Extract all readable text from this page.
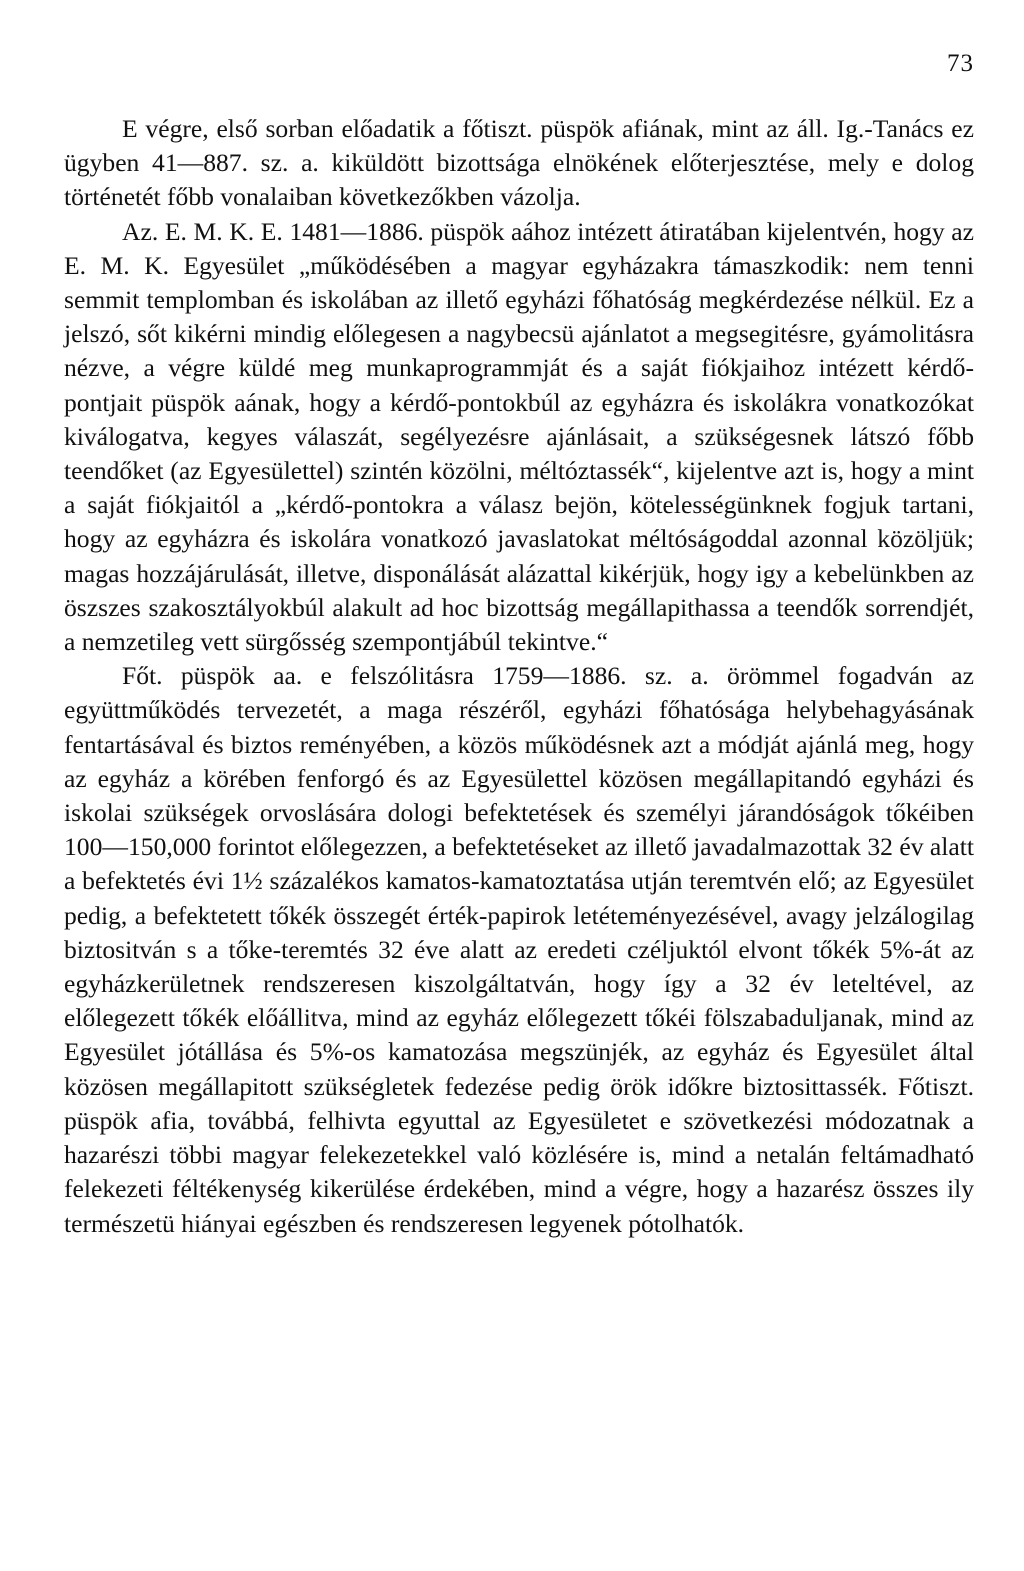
73

E végre, első sorban előadatik a főtiszt. püspök afiának, mint az áll. Ig.-Tanács ez ügyben 41—887. sz. a. kiküldött bizottsága elnökének előterjesztése, mely e dolog történetét főbb vonalaiban következőkben vázolja.

Az. E. M. K. E. 1481—1886. püspök aához intézett átiratában kijelentvén, hogy az E. M. K. Egyesület „működésében a magyar egyházakra támaszkodik: nem tenni semmit templomban és iskolában az illető egyházi főhatóság megkérdezése nélkül. Ez a jelszó, sőt kikérni mindig előlegesen a nagybecsü ajánlatot a megsegitésre, gyámolitásra nézve, a végre küldé meg munkaprogrammját és a saját fiókjaihoz intézett kérdő-pontjait püspök aának, hogy a kérdő-pontokbúl az egyházra és iskolákra vonatkozókat kiválogatva, kegyes válaszát, segélyezésre ajánlásait, a szükségesnek látszó főbb teendőket (az Egyesülettel) szintén közölni, méltóztassék“, kijelentve azt is, hogy a mint a saját fiókjaitól a „kérdő-pontokra a válasz bejön, kötelességünknek fogjuk tartani, hogy az egyházra és iskolára vonatkozó javaslatokat méltóságoddal azonnal közöljük; magas hozzájárulását, illetve, disponálását alázattal kikérjük, hogy igy a kebelünkben az öszszes szakosztályokbúl alakult ad hoc bizottság megállapithassa a teendők sorrendjét, a nemzetileg vett sürgősség szempontjábúl tekintve.“

Főt. püspök aa. e felszólitásra 1759—1886. sz. a. örömmel fogadván az együttműködés tervezetét, a maga részéről, egyházi főhatósága helybehagyásának fentartásával és biztos reményében, a közös működésnek azt a módját ajánlá meg, hogy az egyház a körében fenforgó és az Egyesülettel közösen megállapitandó egyházi és iskolai szükségek orvoslására dologi befektetések és személyi járandóságok tőkéiben 100—150,000 forintot előlegezzen, a befektetéseket az illető javadalmazottak 32 év alatt a befektetés évi 1½ százalékos kamatos-kamatoztatása utján teremtvén elő; az Egyesület pedig, a befektetett tőkék összegét érték-papirok letéteményezésével, avagy jelzálogilag biztositván s a tőke-teremtés 32 éve alatt az eredeti czéljuktól elvont tőkék 5%-át az egyházkerületnek rendszeresen kiszolgáltatván, hogy így a 32 év leteltével, az előlegezett tőkék előállitva, mind az egyház előlegezett tőkéi fölszabaduljanak, mind az Egyesület jótállása és 5%-os kamatozása megszünjék, az egyház és Egyesület által közösen megállapitott szükségletek fedezése pedig örök időkre biztosittassék. Főtiszt. püspök afia, továbbá, felhivta egyuttal az Egyesületet e szövetkezési módozatnak a hazarészi többi magyar felekezetekkel való közlésére is, mind a netalán feltámadható felekezeti féltékenység kikerülése érdekében, mind a végre, hogy a hazarész összes ily természetü hiányai egészben és rendszeresen legyenek pótolhatók.
